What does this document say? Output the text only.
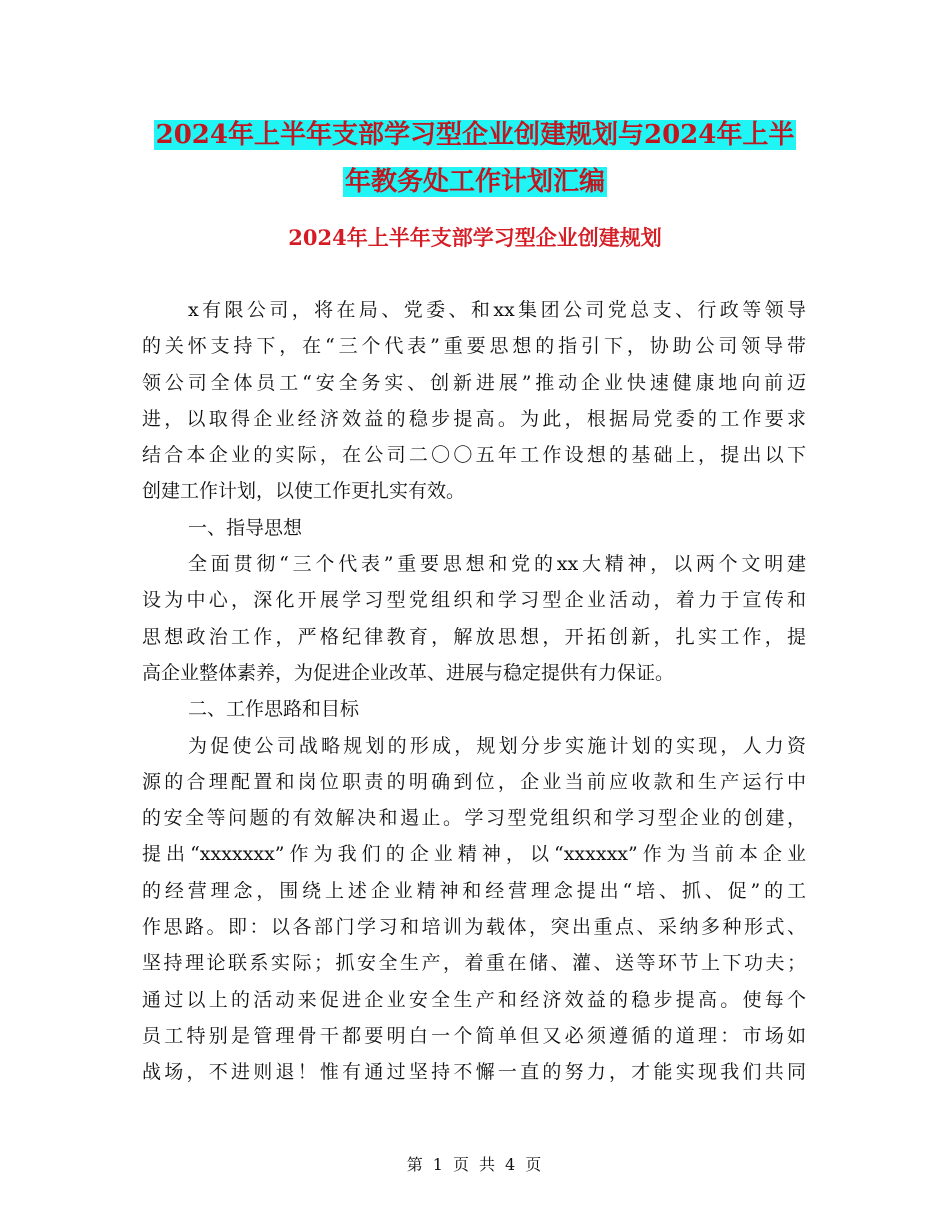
2024年上半年支部学习型企业创建规划与2024年上半
年教务处工作计划汇编
2024年上半年支部学习型企业创建规划
x有限公司，将在局、党委、和xx集团公司党总支、行政等领导
的关怀支持下，在“三个代表”重要思想的指引下，协助公司领导带
领公司全体员工“安全务实、创新进展”推动企业快速健康地向前迈
进，以取得企业经济效益的稳步提高。为此，根据局党委的工作要求
结合本企业的实际，在公司二〇〇五年工作设想的基础上，提出以下
创建工作计划，以使工作更扎实有效。
一、指导思想
全面贯彻“三个代表”重要思想和党的xx大精神，以两个文明建
设为中心，深化开展学习型党组织和学习型企业活动，着力于宣传和
思想政治工作，严格纪律教育，解放思想，开拓创新，扎实工作，提
高企业整体素养，为促进企业改革、进展与稳定提供有力保证。
二、工作思路和目标
为促使公司战略规划的形成，规划分步实施计划的实现，人力资
源的合理配置和岗位职责的明确到位，企业当前应收款和生产运行中
的安全等问题的有效解决和遏止。学习型党组织和学习型企业的创建，
提出“xxxxxxx”作为我们的企业精神，以“xxxxxx”作为当前本企业
的经营理念，围绕上述企业精神和经营理念提出“培、抓、促”的工
作思路。即：以各部门学习和培训为载体，突出重点、采纳多种形式、
坚持理论联系实际；抓安全生产，着重在储、灌、送等环节上下功夫；
通过以上的活动来促进企业安全生产和经济效益的稳步提高。使每个
员工特别是管理骨干都要明白一个简单但又必须遵循的道理：市场如
战场，不进则退！惟有通过坚持不懈一直的努力，才能实现我们共同
第 1 页 共 4 页
